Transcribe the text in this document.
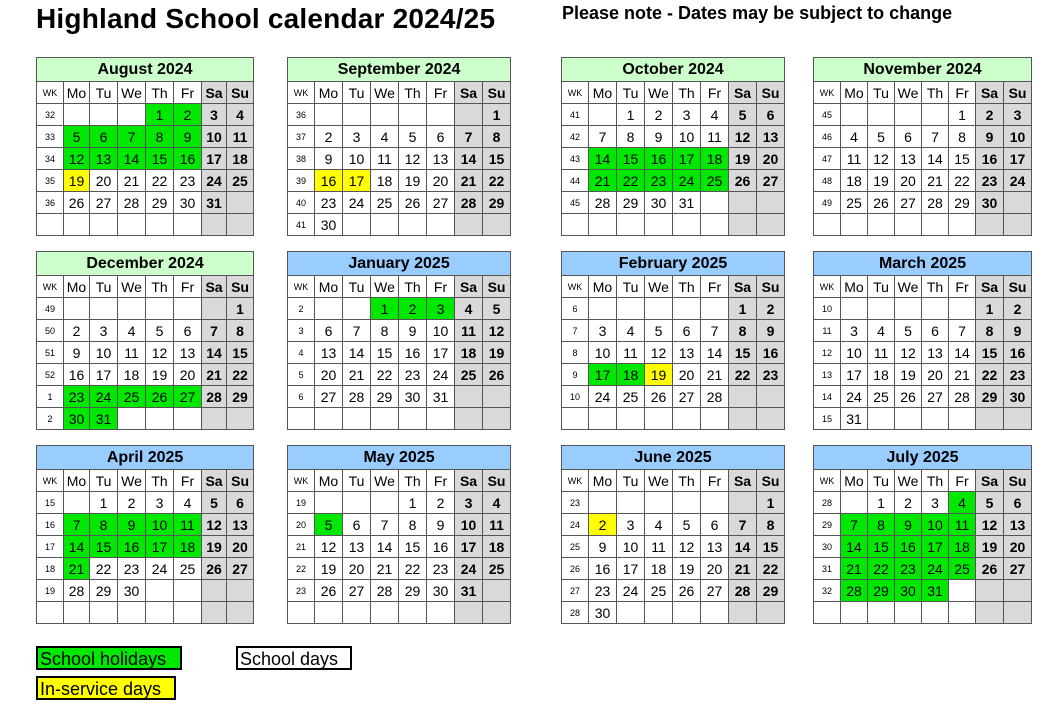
Highland School calendar 2024/25	Please note - Dates may be subject to change
August 2024							
WK	Mo	Tu	We	Th	Fr	Sa	Su
32				1	2	3	4
33	5	6	7	8	9	10	11
34	12	13	14	15	16	17	18
35	19	20	21	22	23	24	25
36	26	27	28	29	30	31	

September 2024							
WK	Mo	Tu	We	Th	Fr	Sa	Su
36							1
37	2	3	4	5	6	7	8
38	9	10	11	12	13	14	15
39	16	17	18	19	20	21	22
40	23	24	25	26	27	28	29
41	30						
October 2024							
WK	Mo	Tu	We	Th	Fr	Sa	Su
41		1	2	3	4	5	6
42	7	8	9	10	11	12	13
43	14	15	16	17	18	19	20
44	21	22	23	24	25	26	27
45	28	29	30	31			

November 2024							
WK	Mo	Tu	We	Th	Fr	Sa	Su
45					1	2	3
46	4	5	6	7	8	9	10
47	11	12	13	14	15	16	17
48	18	19	20	21	22	23	24
49	25	26	27	28	29	30	

December 2024							
WK	Mo	Tu	We	Th	Fr	Sa	Su
49							1
50	2	3	4	5	6	7	8
51	9	10	11	12	13	14	15
52	16	17	18	19	20	21	22
1	23	24	25	26	27	28	29
2	30	31					
January 2025							
WK	Mo	Tu	We	Th	Fr	Sa	Su
2			1	2	3	4	5
3	6	7	8	9	10	11	12
4	13	14	15	16	17	18	19
5	20	21	22	23	24	25	26
6	27	28	29	30	31		

February 2025							
WK	Mo	Tu	We	Th	Fr	Sa	Su
6						1	2
7	3	4	5	6	7	8	9
8	10	11	12	13	14	15	16
9	17	18	19	20	21	22	23
10	24	25	26	27	28		

March 2025							
WK	Mo	Tu	We	Th	Fr	Sa	Su
10						1	2
11	3	4	5	6	7	8	9
12	10	11	12	13	14	15	16
13	17	18	19	20	21	22	23
14	24	25	26	27	28	29	30
15	31						
April 2025							
WK	Mo	Tu	We	Th	Fr	Sa	Su
15		1	2	3	4	5	6
16	7	8	9	10	11	12	13
17	14	15	16	17	18	19	20
18	21	22	23	24	25	26	27
19	28	29	30				

May 2025							
WK	Mo	Tu	We	Th	Fr	Sa	Su
19				1	2	3	4
20	5	6	7	8	9	10	11
21	12	13	14	15	16	17	18
22	19	20	21	22	23	24	25
23	26	27	28	29	30	31	

June 2025							
WK	Mo	Tu	We	Th	Fr	Sa	Su
23							1
24	2	3	4	5	6	7	8
25	9	10	11	12	13	14	15
26	16	17	18	19	20	21	22
27	23	24	25	26	27	28	29
28	30						
July 2025							
WK	Mo	Tu	We	Th	Fr	Sa	Su
28		1	2	3	4	5	6
29	7	8	9	10	11	12	13
30	14	15	16	17	18	19	20
31	21	22	23	24	25	26	27
32	28	29	30	31			

School holidays	School days
In-service days
